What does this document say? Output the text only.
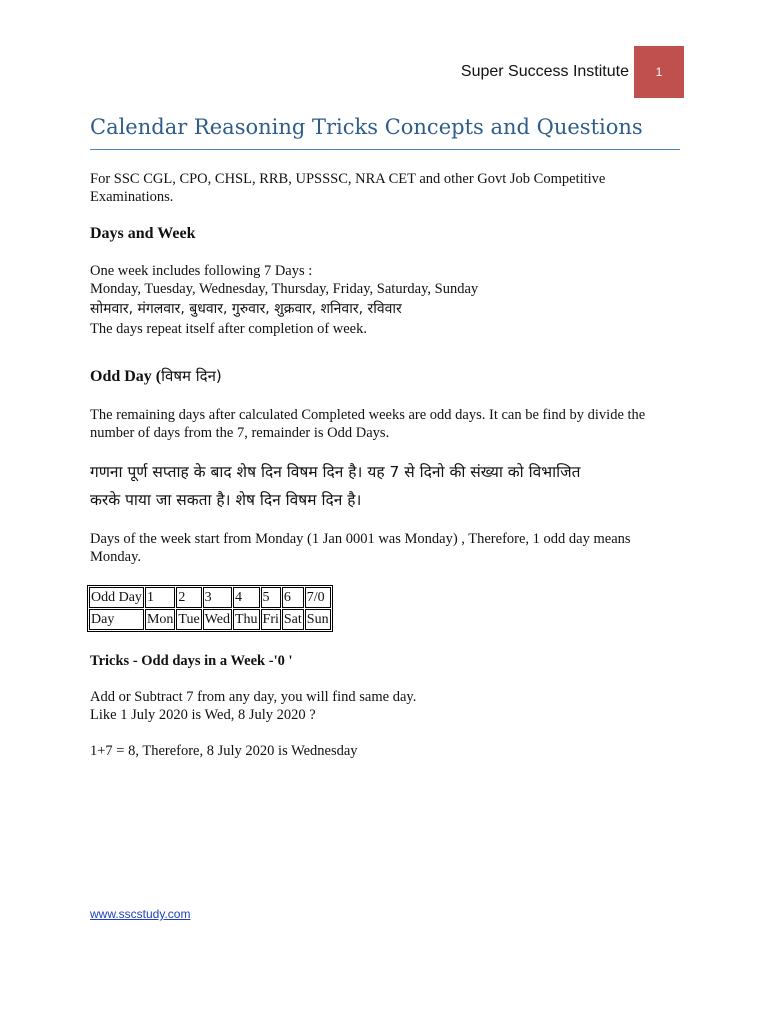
Super Success Institute 1
Calendar Reasoning Tricks Concepts and Questions

For SSC CGL, CPO, CHSL, RRB, UPSSSC, NRA CET and other Govt Job Competitive Examinations.

Days and Week

One week includes following 7 Days :

Monday, Tuesday, Wednesday, Thursday, Friday, Saturday, Sunday

सोमवार, मंगलवार, बुधवार, गुरुवार, शुक्रवार, शनिवार, रविवार

The days repeat itself after completion of week.

Odd Day (विषम दिन)

The remaining days after calculated Completed weeks are odd days. It can be find by divide the number of days from the 7, remainder is Odd Days.

गणना पूर्ण सप्ताह के बाद शेष दिन विषम दिन है। यह 7 से दिनो की संख्या को विभाजित
करके पाया जा सकता है। शेष दिन विषम दिन है।

Days of the week start from Monday (1 Jan 0001 was Monday) , Therefore, 1 odd day means Monday.

Odd Day	1	2	3	4	5	6	7/0
Day	Mon	Tue	Wed	Thu	Fri	Sat	Sun
Tricks - Odd days in a Week -'0 '

Add or Subtract 7 from any day, you will find same day.

Like 1 July 2020 is Wed, 8 July 2020 ?

1+7 = 8, Therefore, 8 July 2020 is Wednesday

www.sscstudy.com
